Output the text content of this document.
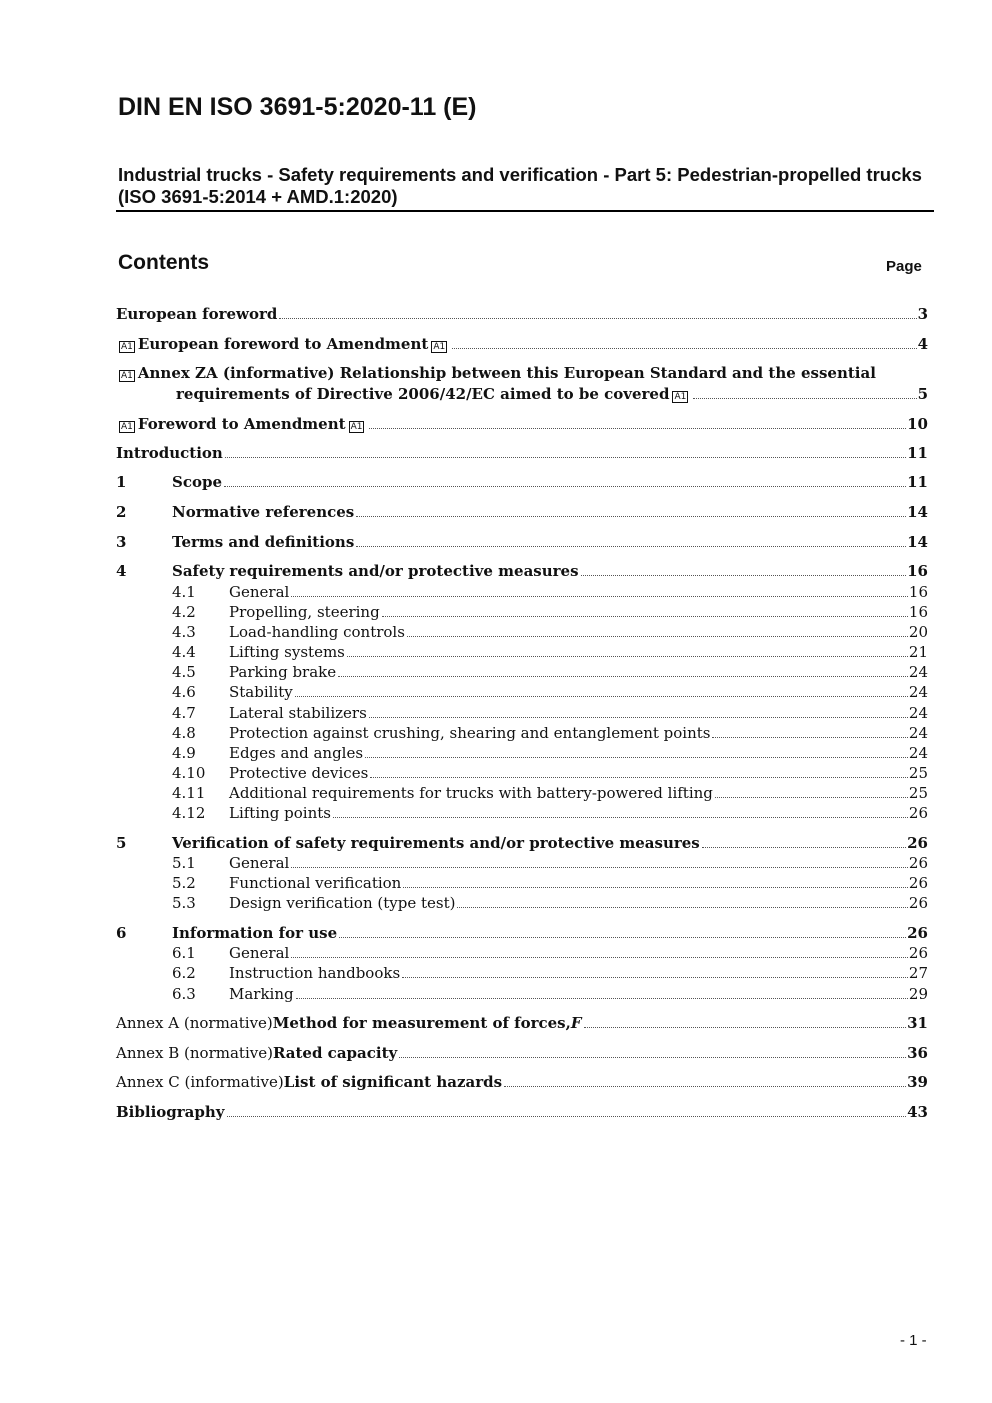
DIN EN ISO 3691-5:2020-11 (E)
Industrial trucks - Safety requirements and verification - Part 5: Pedestrian-propelled trucks (ISO 3691-5:2014 + AMD.1:2020)
Contents	Page
European foreword	3
A1 European foreword to Amendment A1	4
A1 Annex ZA (informative) Relationship between this European Standard and the essential
requirements of Directive 2006/42/EC aimed to be covered A1	5
A1 Foreword to Amendment A1	10
Introduction	11
1	Scope	11
2	Normative references	14
3	Terms and definitions	14
4	Safety requirements and/or protective measures	16
4.1	General	16
4.2	Propelling, steering	16
4.3	Load-handling controls	20
4.4	Lifting systems	21
4.5	Parking brake	24
4.6	Stability	24
4.7	Lateral stabilizers	24
4.8	Protection against crushing, shearing and entanglement points	24
4.9	Edges and angles	24
4.10	Protective devices	25
4.11	Additional requirements for trucks with battery-powered lifting	25
4.12	Lifting points	26
5	Verification of safety requirements and/or protective measures	26
5.1	General	26
5.2	Functional verification	26
5.3	Design verification (type test)	26
6	Information for use	26
6.1	General	26
6.2	Instruction handbooks	27
6.3	Marking	29
Annex A (normative) Method for measurement of forces, F	31
Annex B (normative) Rated capacity	36
Annex C (informative) List of significant hazards	39
Bibliography	43
- 1 -
